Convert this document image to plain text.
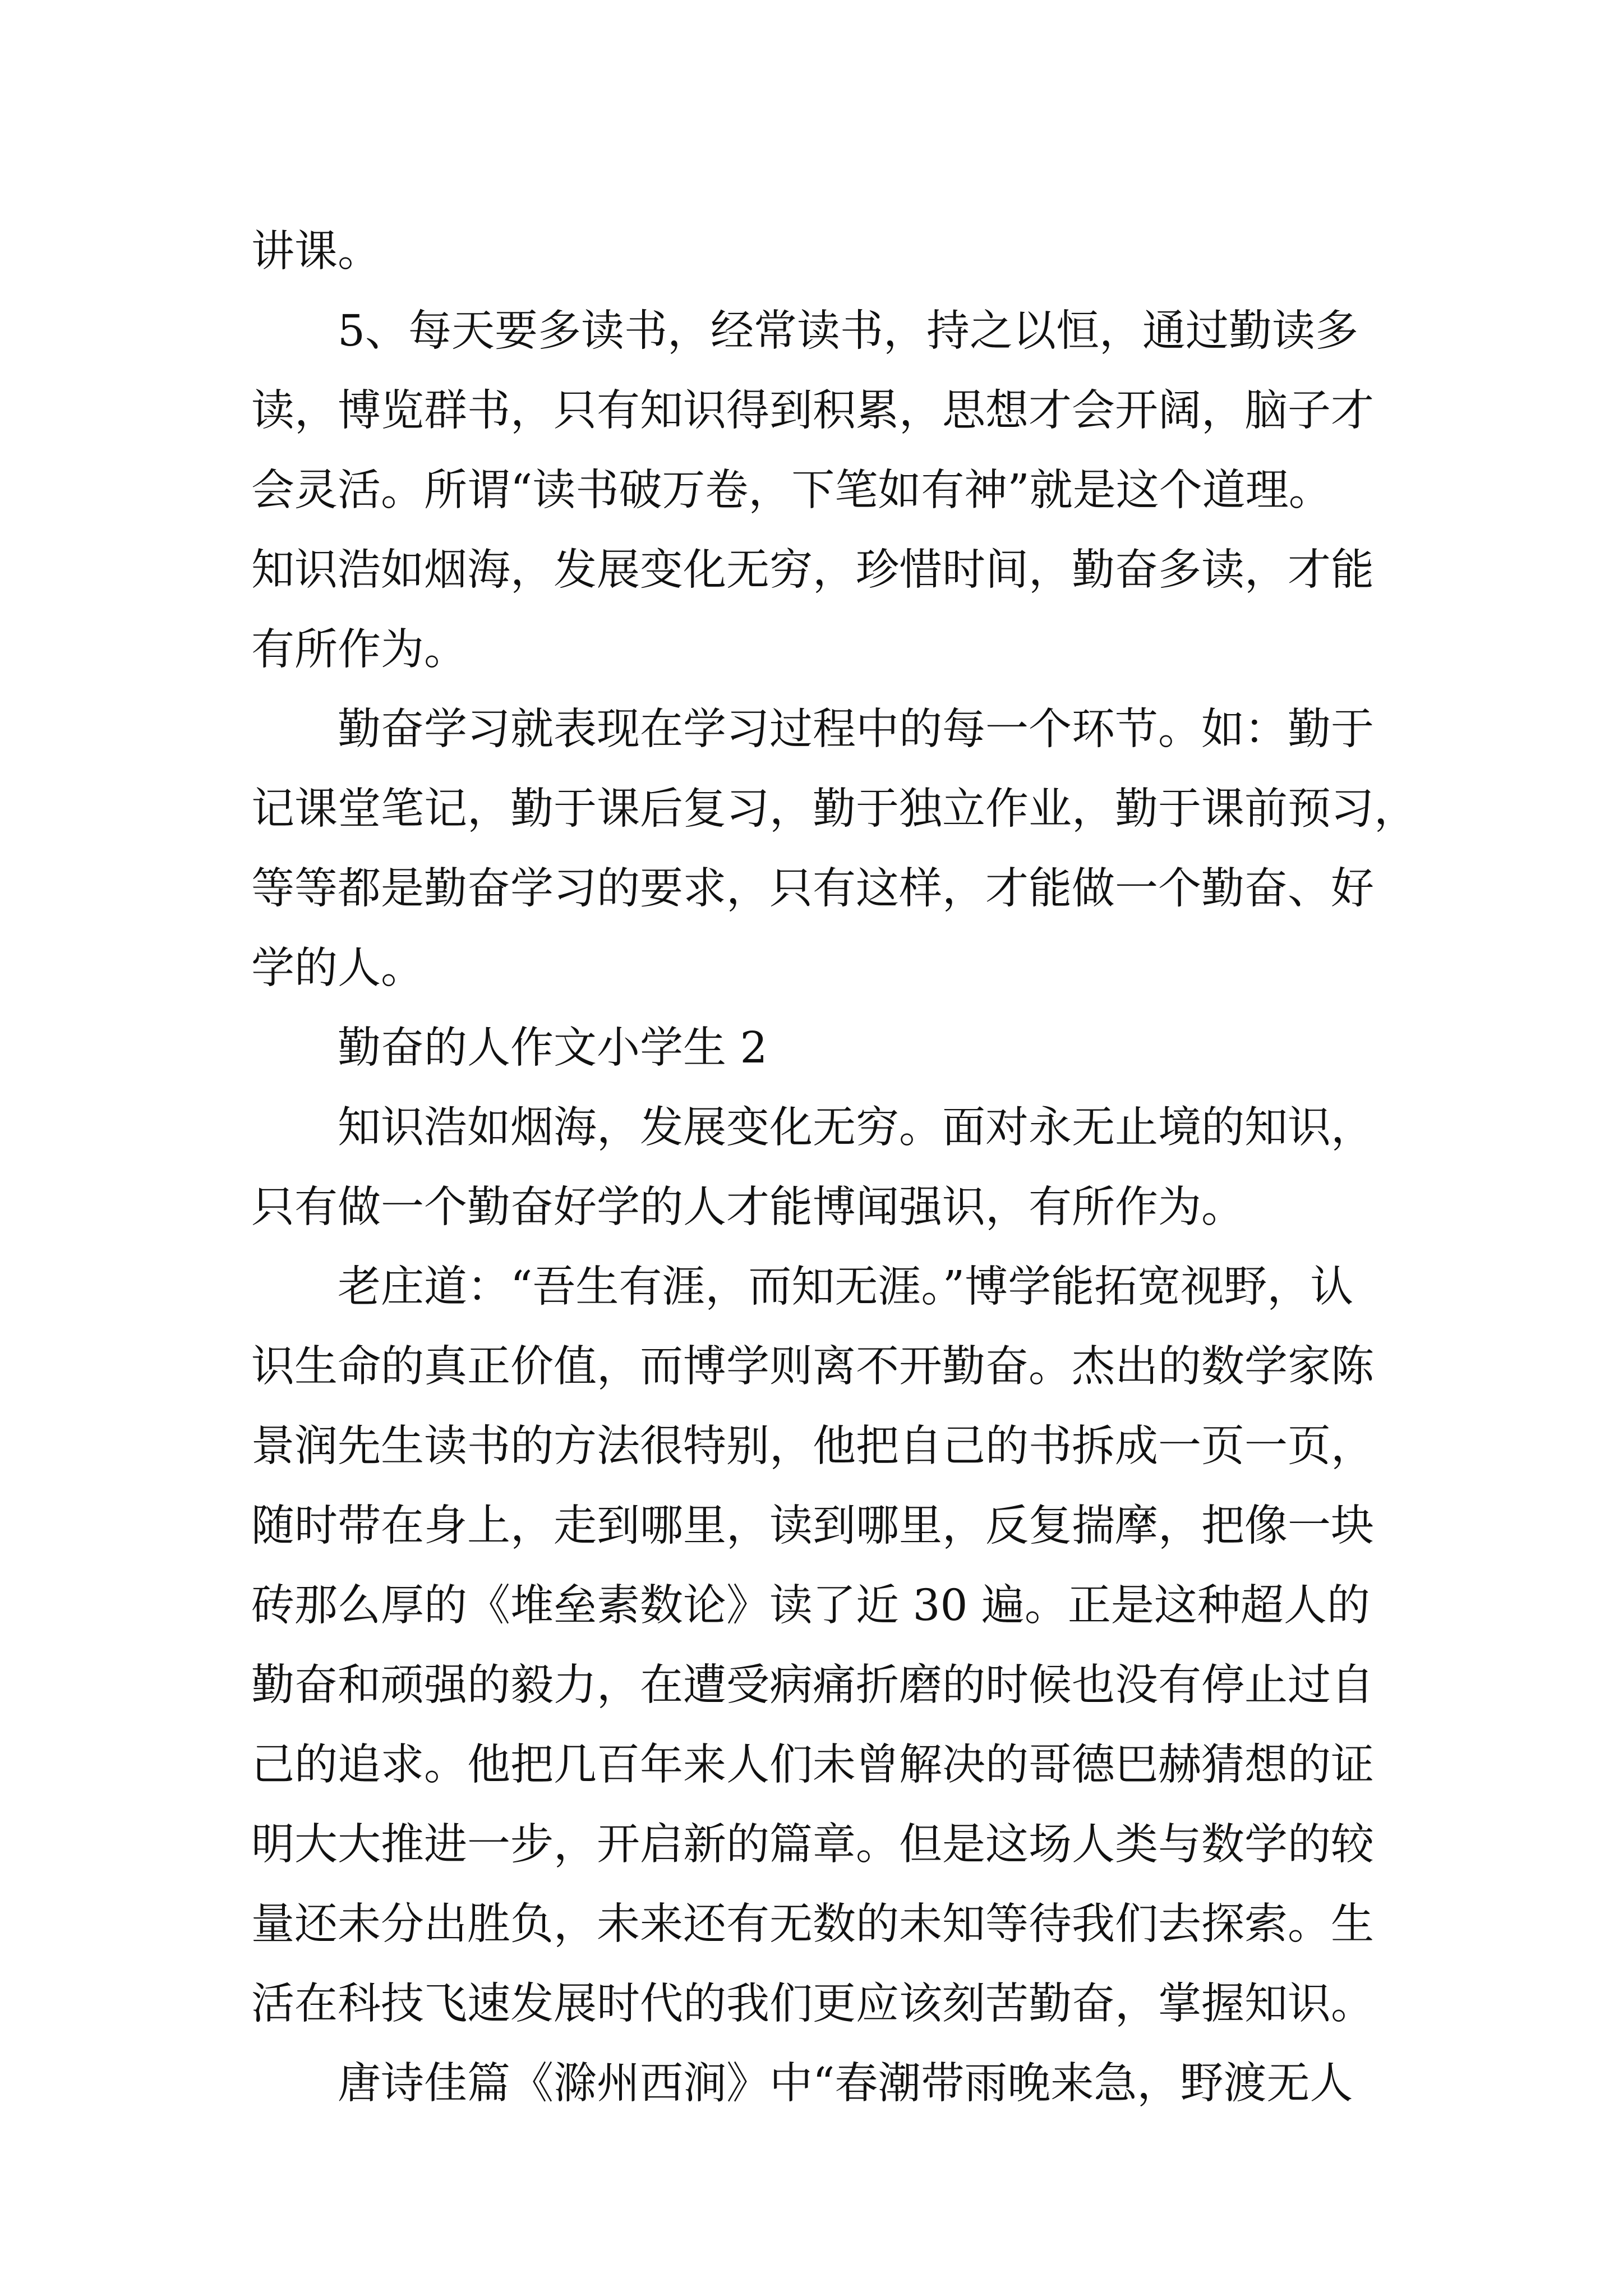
讲课。
5、每天要多读书，经常读书，持之以恒，通过勤读多
读，博览群书，只有知识得到积累，思想才会开阔，脑子才
会灵活。所谓“读书破万卷，下笔如有神”就是这个道理。
知识浩如烟海，发展变化无穷，珍惜时间，勤奋多读，才能
有所作为。
勤奋学习就表现在学习过程中的每一个环节。如：勤于
记课堂笔记，勤于课后复习，勤于独立作业，勤于课前预习，
等等都是勤奋学习的要求，只有这样，才能做一个勤奋、好
学的人。
勤奋的人作文小学生 2
知识浩如烟海，发展变化无穷。面对永无止境的知识，
只有做一个勤奋好学的人才能博闻强识，有所作为。
老庄道：“吾生有涯，而知无涯。”博学能拓宽视野，认
识生命的真正价值，而博学则离不开勤奋。杰出的数学家陈
景润先生读书的方法很特别，他把自己的书拆成一页一页，
随时带在身上，走到哪里，读到哪里，反复揣摩，把像一块
砖那么厚的《堆垒素数论》读了近 30 遍。正是这种超人的
勤奋和顽强的毅力，在遭受病痛折磨的时候也没有停止过自
己的追求。他把几百年来人们未曾解决的哥德巴赫猜想的证
明大大推进一步，开启新的篇章。但是这场人类与数学的较
量还未分出胜负，未来还有无数的未知等待我们去探索。生
活在科技飞速发展时代的我们更应该刻苦勤奋，掌握知识。
唐诗佳篇《滁州西涧》中“春潮带雨晚来急，野渡无人
